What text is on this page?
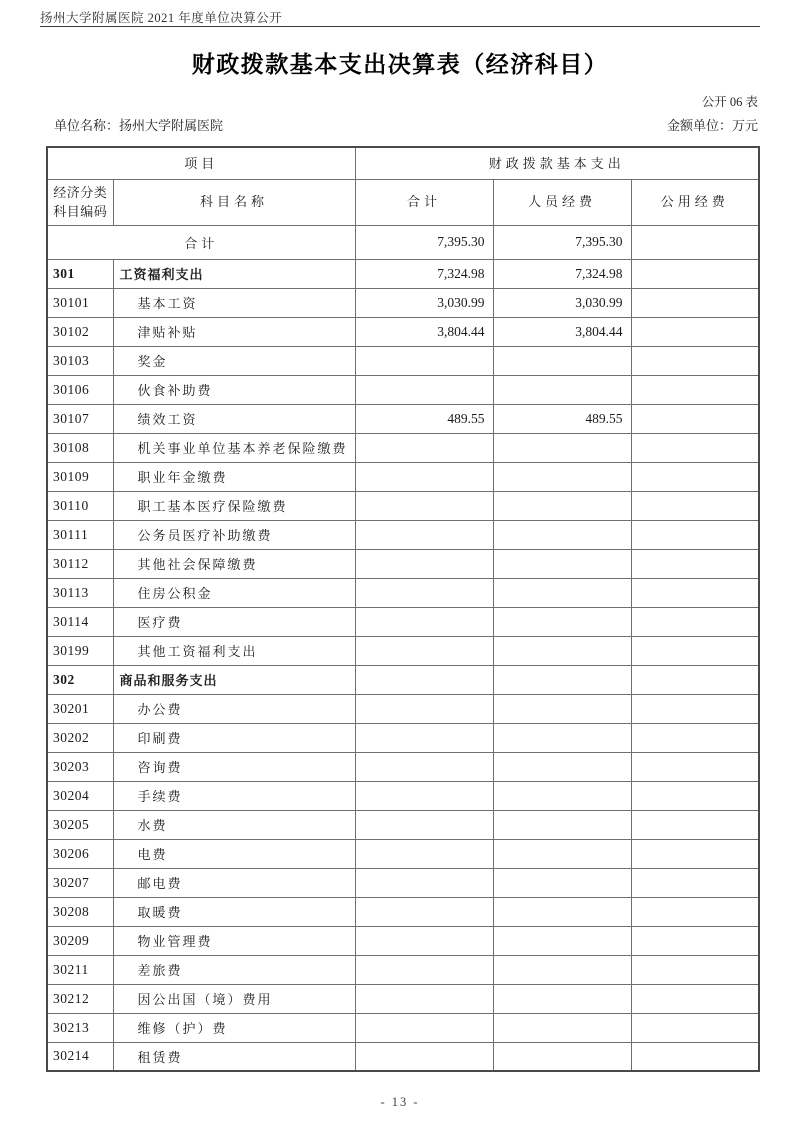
扬州大学附属医院 2021 年度单位决算公开
财政拨款基本支出决算表（经济科目）
公开 06 表
单位名称：扬州大学附属医院	金额单位：万元
项目		财政拨款基本支出		
经济分类
科目编码	科目名称	合计	人员经费	公用经费
合计		7,395.30	7,395.30	
301	工资福利支出	7,324.98	7,324.98	
30101	基本工资	3,030.99	3,030.99	
30102	津贴补贴	3,804.44	3,804.44	
30103	奖金			
30106	伙食补助费			
30107	绩效工资	489.55	489.55	
30108	机关事业单位基本养老保险缴费			
30109	职业年金缴费			
30110	职工基本医疗保险缴费			
30111	公务员医疗补助缴费			
30112	其他社会保障缴费			
30113	住房公积金			
30114	医疗费			
30199	其他工资福利支出			
302	商品和服务支出			
30201	办公费			
30202	印刷费			
30203	咨询费			
30204	手续费			
30205	水费			
30206	电费			
30207	邮电费			
30208	取暖费			
30209	物业管理费			
30211	差旅费			
30212	因公出国（境）费用			
30213	维修（护）费			
30214	租赁费			
- 13 -
